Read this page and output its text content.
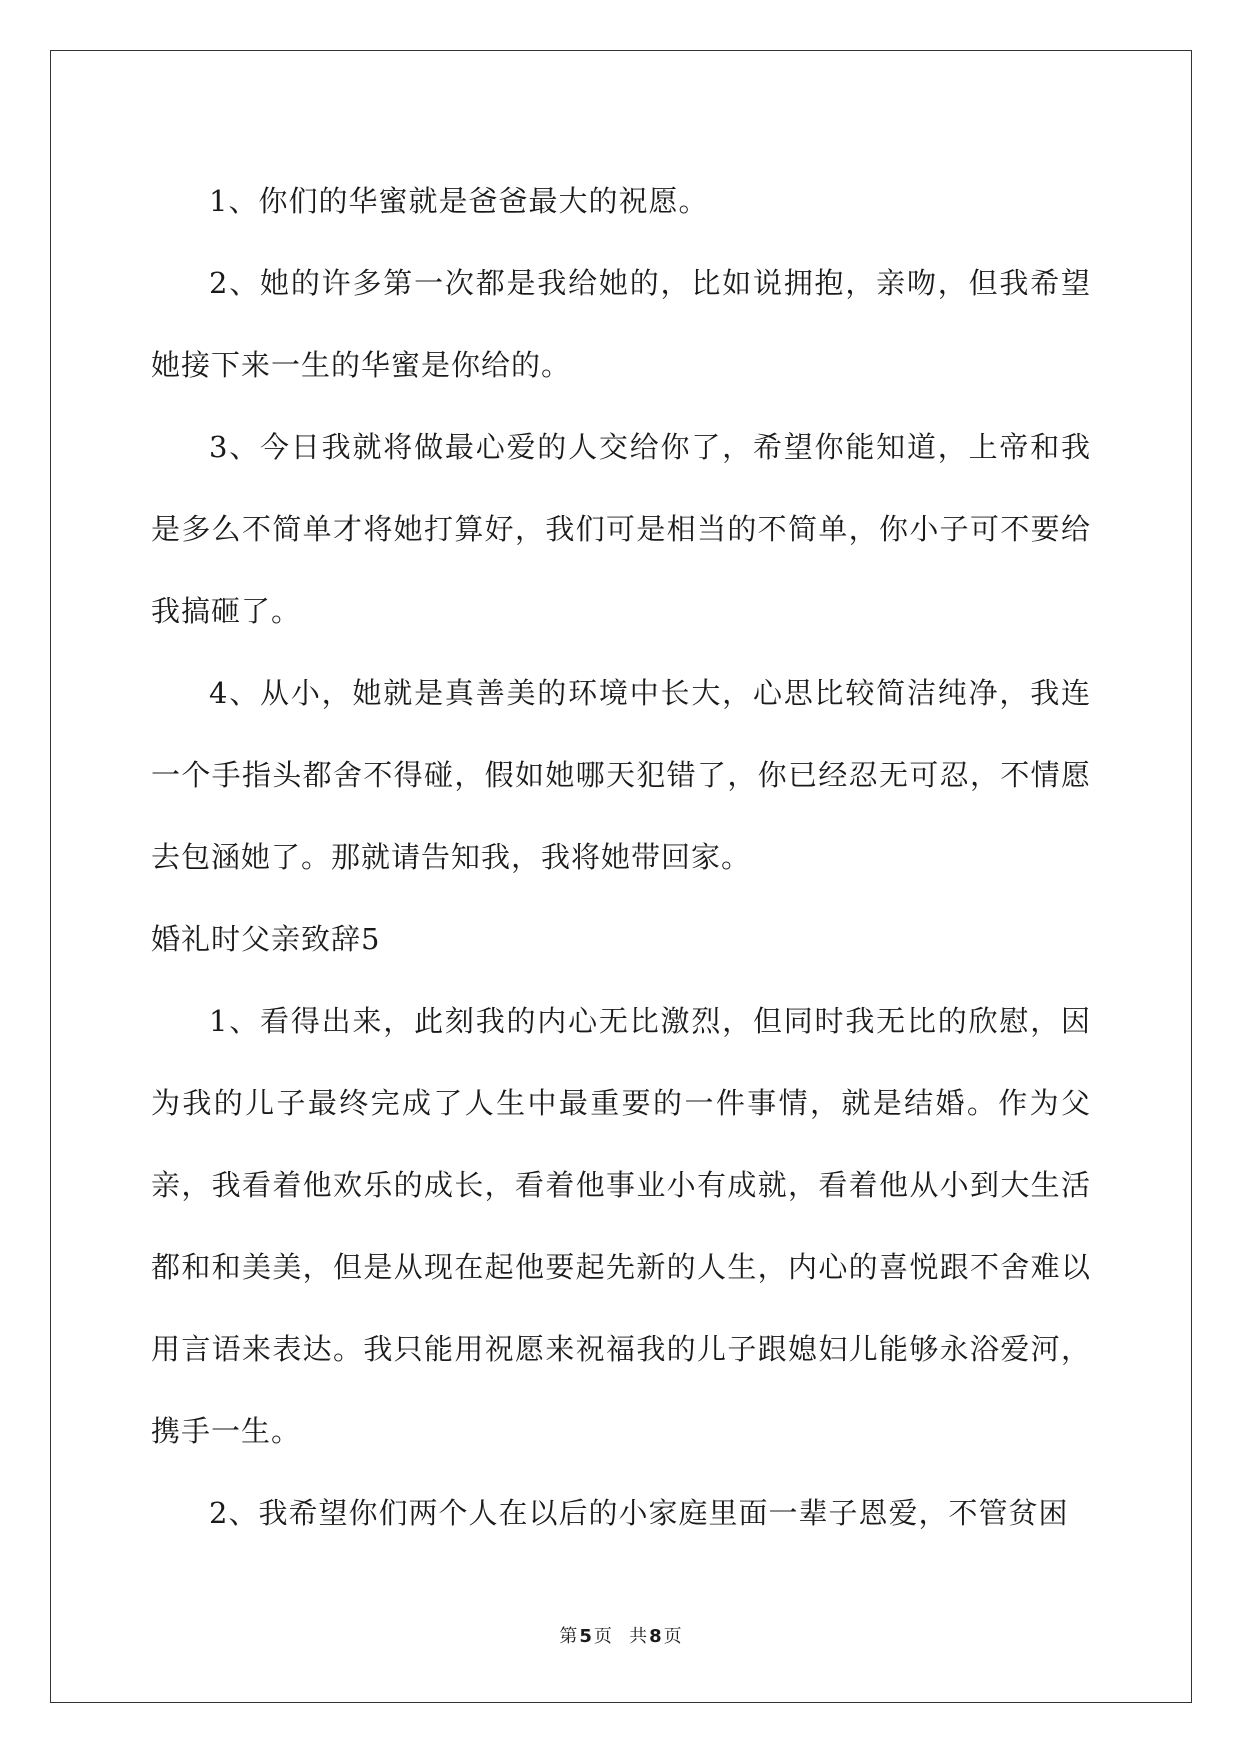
1、你们的华蜜就是爸爸最大的祝愿。

2、她的许多第一次都是我给她的，比如说拥抱，亲吻，但我希望她接下来一生的华蜜是你给的。

3、今日我就将做最心爱的人交给你了，希望你能知道，上帝和我是多么不简单才将她打算好，我们可是相当的不简单，你小子可不要给我搞砸了。

4、从小，她就是真善美的环境中长大，心思比较简洁纯净，我连一个手指头都舍不得碰，假如她哪天犯错了，你已经忍无可忍，不情愿去包涵她了。那就请告知我，我将她带回家。

婚礼时父亲致辞5

1、看得出来，此刻我的内心无比激烈，但同时我无比的欣慰，因为我的儿子最终完成了人生中最重要的一件事情，就是结婚。作为父亲，我看着他欢乐的成长，看着他事业小有成就，看着他从小到大生活都和和美美，但是从现在起他要起先新的人生，内心的喜悦跟不舍难以用言语来表达。我只能用祝愿来祝福我的儿子跟媳妇儿能够永浴爱河，携手一生。

2、我希望你们两个人在以后的小家庭里面一辈子恩爱，不管贫困

第 5 页 共 8 页
